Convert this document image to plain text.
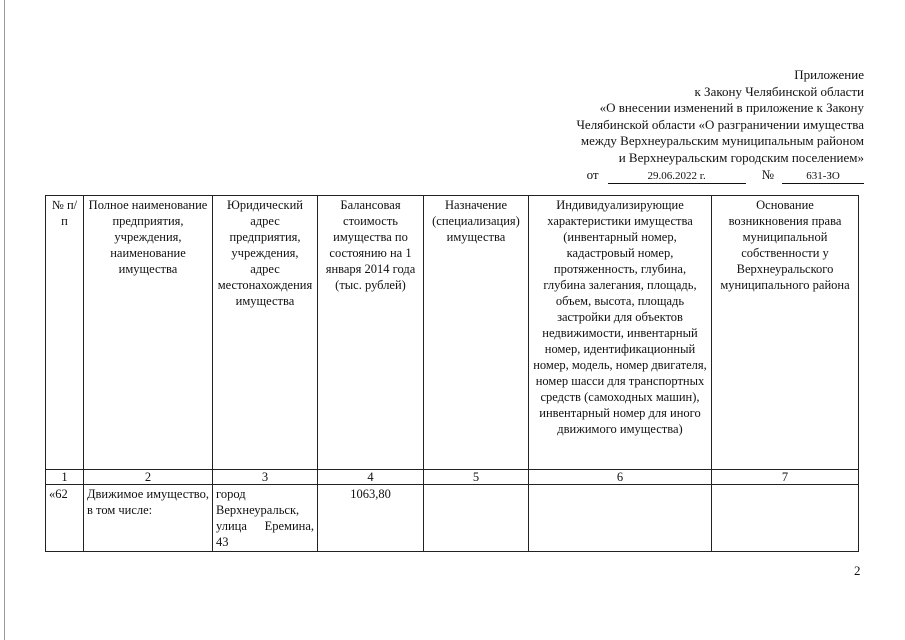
Приложение
к Закону Челябинской области
«О внесении изменений в приложение к Закону
Челябинской области «О разграничении имущества
между Верхнеуральским муниципальным районом
и Верхнеуральским городским поселением»
от	29.06.2022 г.	№	631-ЗО
№ п/п	Полное наименование предприятия, учреждения, наименование имущества	Юридический адрес предприятия, учреждения, адрес местонахождения имущества	Балансовая стоимость имущества по состоянию на 1 января 2014 года (тыс. рублей)	Назначение (специализация) имущества	Индивидуализирующие характеристики имущества (инвентарный номер, кадастровый номер, протяженность, глубина, глубина залегания, площадь, объем, высота, площадь застройки для объектов недвижимости, инвентарный номер, идентификационный номер, модель, номер двигателя, номер шасси для транспортных средств (самоходных машин), инвентарный номер для иного движимого имущества)	Основание возникновения права муниципальной собственности у Верхнеуральского муниципального района
1	2	3	4	5	6	7
«62	Движимое имущество, в том числе:	город Верхнеуральск, улица Еремина, 43	1063,80			
2
